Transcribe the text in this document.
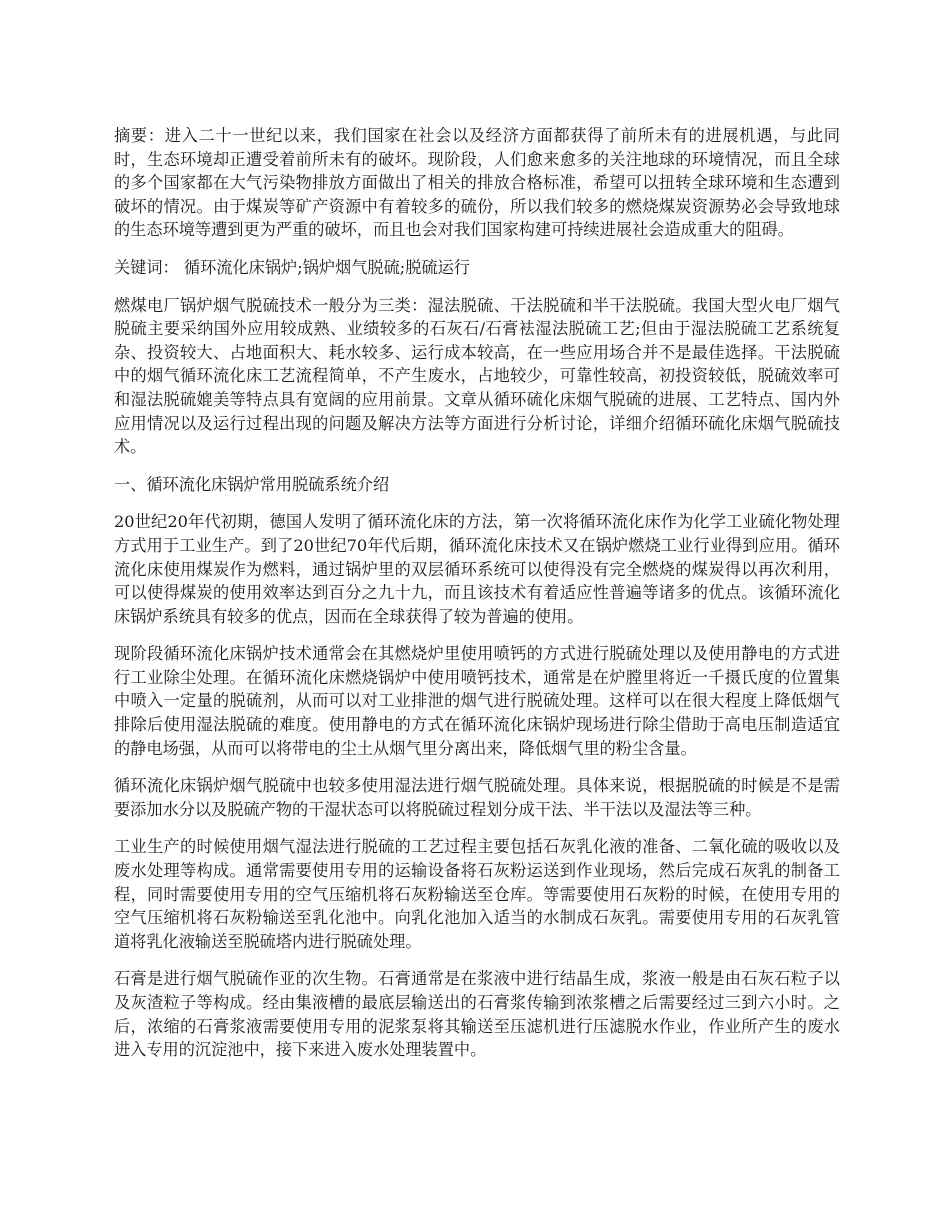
摘要：进入二十一世纪以来，我们国家在社会以及经济方面都获得了前所未有的进展机遇，与此同时，生态环境却正遭受着前所未有的破坏。现阶段，人们愈来愈多的关注地球的环境情况，而且全球的多个国家都在大气污染物排放方面做出了相关的排放合格标准，希望可以扭转全球环境和生态遭到破坏的情况。由于煤炭等矿产资源中有着较多的硫份，所以我们较多的燃烧煤炭资源势必会导致地球的生态环境等遭到更为严重的破坏，而且也会对我们国家构建可持续进展社会造成重大的阻碍。

关键词： 循环流化床锅炉;锅炉烟气脱硫;脱硫运行

燃煤电厂锅炉烟气脱硫技术一般分为三类：湿法脱硫、干法脱硫和半干法脱硫。我国大型火电厂烟气脱硫主要采纳国外应用较成熟、业绩较多的石灰石/石膏袪湿法脱硫工艺;但由于湿法脱硫工艺系统复杂、投资较大、占地面积大、耗水较多、运行成本较高，在一些应用场合并不是最佳选择。干法脱硫中的烟气循环流化床工艺流程简单，不产生废水，占地较少，可靠性较高，初投资较低，脱硫效率可和湿法脱硫媲美等特点具有宽阔的应用前景。文章从循环硫化床烟气脱硫的进展、工艺特点、国内外应用情况以及运行过程出现的问题及解决方法等方面进行分析讨论，详细介绍循环硫化床烟气脱硫技术。

一、循环流化床锅炉常用脱硫系统介绍

20世纪20年代初期，德国人发明了循环流化床的方法，第一次将循环流化床作为化学工业硫化物处理方式用于工业生产。到了20世纪70年代后期，循环流化床技术又在锅炉燃烧工业行业得到应用。循环流化床使用煤炭作为燃料，通过锅炉里的双层循环系统可以使得没有完全燃烧的煤炭得以再次利用，可以使得煤炭的使用效率达到百分之九十九，而且该技术有着适应性普遍等诸多的优点。该循环流化床锅炉系统具有较多的优点，因而在全球获得了较为普遍的使用。

现阶段循环流化床锅炉技术通常会在其燃烧炉里使用喷钙的方式进行脱硫处理以及使用静电的方式进行工业除尘处理。在循环流化床燃烧锅炉中使用喷钙技术，通常是在炉膛里将近一千摄氏度的位置集中喷入一定量的脱硫剂，从而可以对工业排泄的烟气进行脱硫处理。这样可以在很大程度上降低烟气排除后使用湿法脱硫的难度。使用静电的方式在循环流化床锅炉现场进行除尘借助于高电压制造适宜的静电场强，从而可以将带电的尘土从烟气里分离出来，降低烟气里的粉尘含量。

循环流化床锅炉烟气脱硫中也较多使用湿法进行烟气脱硫处理。具体来说，根据脱硫的时候是不是需要添加水分以及脱硫产物的干湿状态可以将脱硫过程划分成干法、半干法以及湿法等三种。

工业生产的时候使用烟气湿法进行脱硫的工艺过程主要包括石灰乳化液的准备、二氧化硫的吸收以及废水处理等构成。通常需要使用专用的运输设备将石灰粉运送到作业现场，然后完成石灰乳的制备工程，同时需要使用专用的空气压缩机将石灰粉输送至仓库。等需要使用石灰粉的时候，在使用专用的空气压缩机将石灰粉输送至乳化池中。向乳化池加入适当的水制成石灰乳。需要使用专用的石灰乳管道将乳化液输送至脱硫塔内进行脱硫处理。

石膏是进行烟气脱硫作亚的次生物。石膏通常是在浆液中进行结晶生成，浆液一般是由石灰石粒子以及灰渣粒子等构成。经由集液槽的最底层输送出的石膏浆传输到浓浆槽之后需要经过三到六小时。之后，浓缩的石膏浆液需要使用专用的泥浆泵将其输送至压滤机进行压滤脱水作业，作业所产生的废水进入专用的沉淀池中，接下来进入废水处理装置中。
